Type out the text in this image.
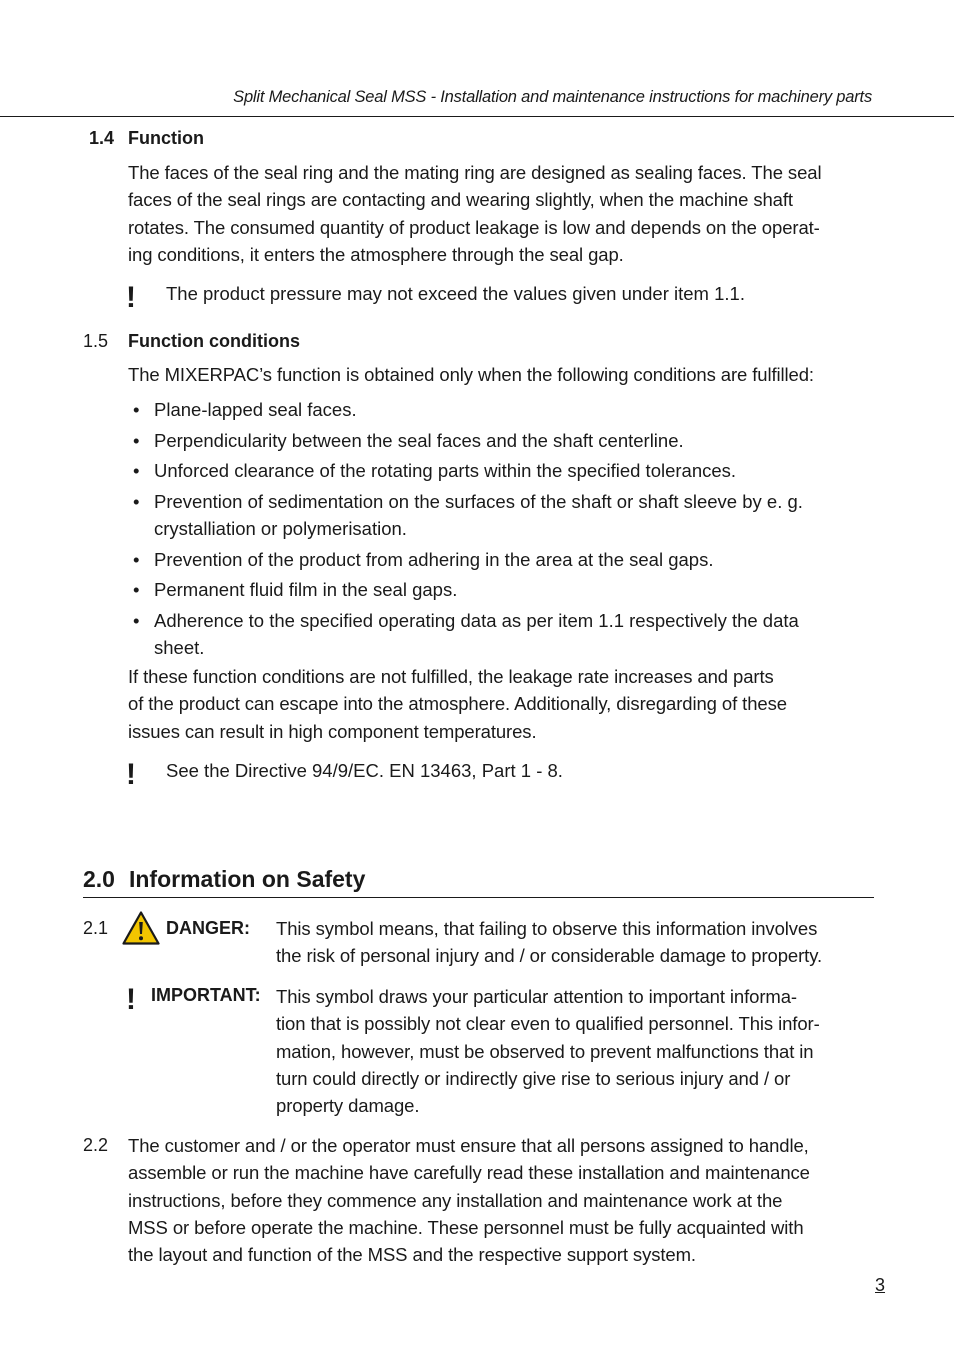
Split Mechanical Seal MSS - Installation and maintenance instructions for machinery parts
1.4 Function
The faces of the seal ring and the mating ring are designed as sealing faces. The seal
faces of the seal rings are contacting and wearing slightly, when the machine shaft
rotates. The consumed quantity of product leakage is low and depends on the operat-
ing conditions, it enters the atmosphere through the seal gap.
! The product pressure may not exceed the values given under item 1.1.
1.5 Function conditions
The MIXERPAC’s function is obtained only when the following conditions are fulfilled:
• Plane-lapped seal faces.
• Perpendicularity between the seal faces and the shaft centerline.
• Unforced clearance of the rotating parts within the specified tolerances.
• Prevention of sedimentation on the surfaces of the shaft or shaft sleeve by e. g.
crystalliation or polymerisation.
• Prevention of the product from adhering in the area at the seal gaps.
• Permanent fluid film in the seal gaps.
• Adherence to the specified operating data as per item 1.1 respectively the data
sheet.
If these function conditions are not fulfilled, the leakage rate increases and parts
of the product can escape into the atmosphere. Additionally, disregarding of these
issues can result in high component temperatures.
! See the Directive 94/9/EC. EN 13463, Part 1 - 8.
2.0 Information on Safety
2.1	DANGER: This symbol means, that failing to observe this information involves
the risk of personal injury and / or considerable damage to property.
! IMPORTANT: This symbol draws your particular attention to important informa-
tion that is possibly not clear even to qualified personnel. This infor-
mation, however, must be observed to prevent malfunctions that in
turn could directly or indirectly give rise to serious injury and / or
property damage.
2.2 The customer and / or the operator must ensure that all persons assigned to handle,
assemble or run the machine have carefully read these installation and maintenance
instructions, before they commence any installation and maintenance work at the
MSS or before operate the machine. These personnel must be fully acquainted with
the layout and function of the MSS and the respective support system.
3
